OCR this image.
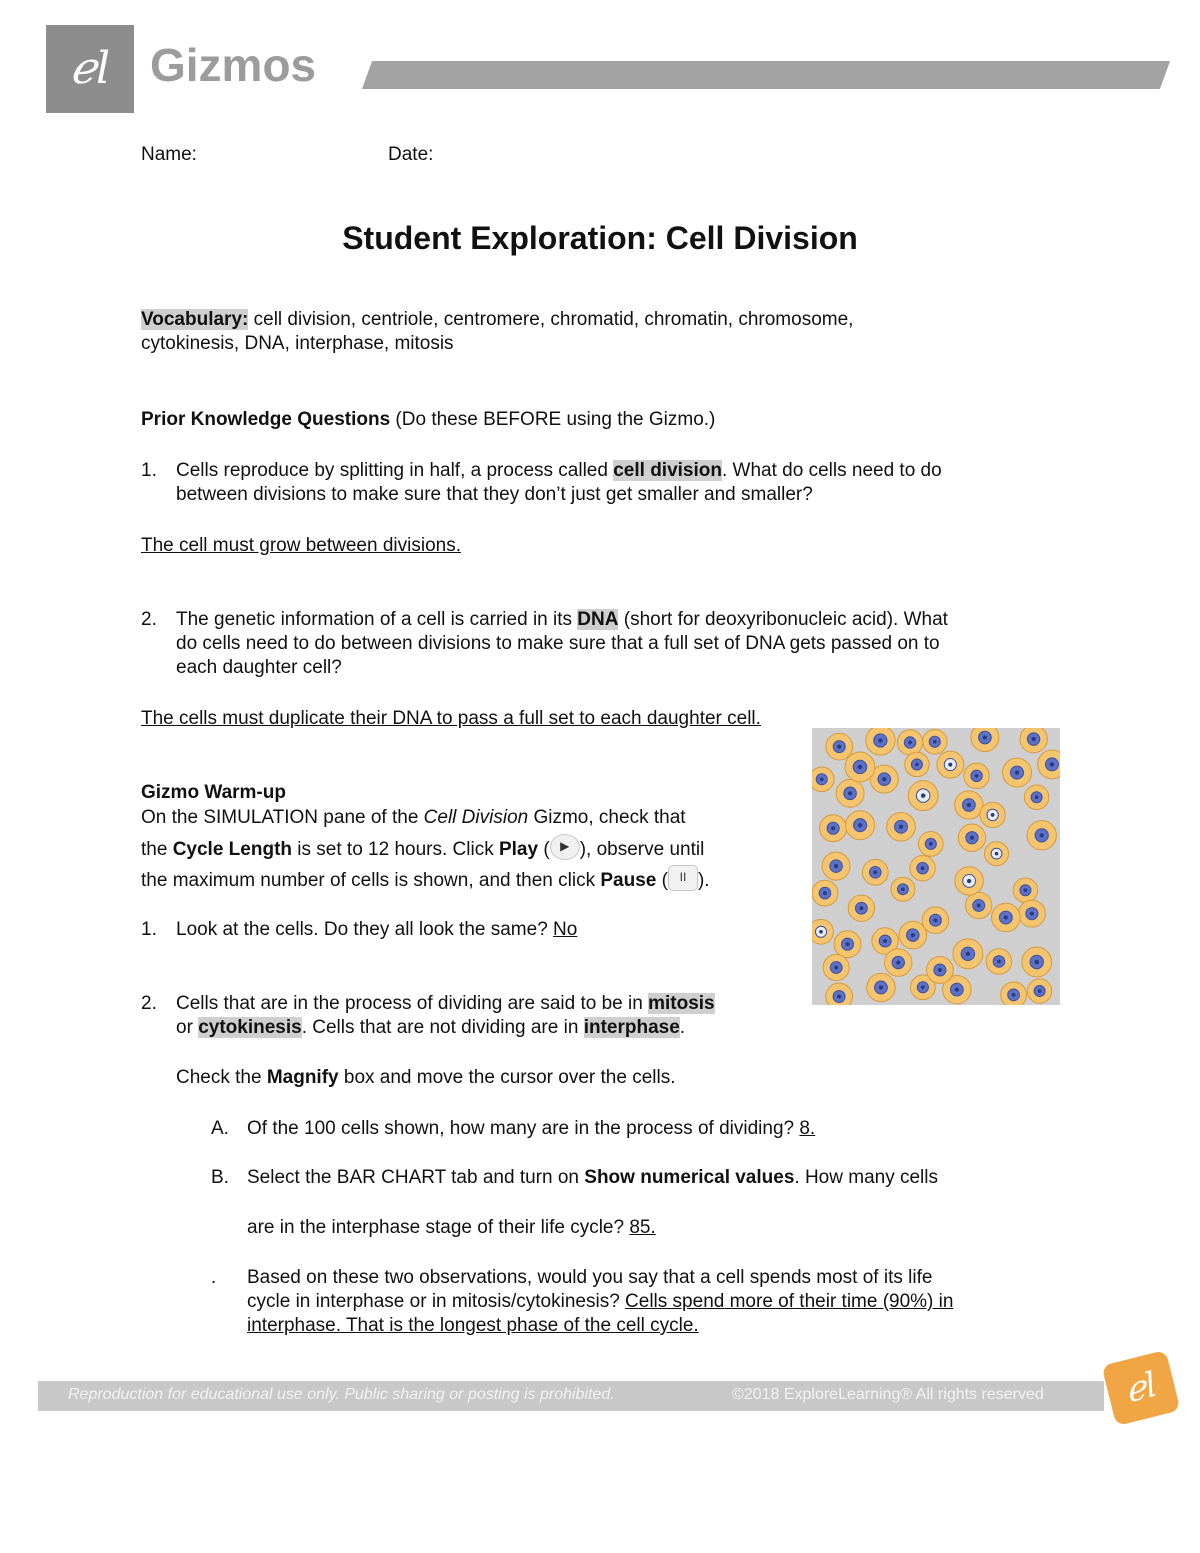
ℯl Gizmos
Name:	Date:
Student Exploration: Cell Division
Vocabulary: cell division, centriole, centromere, chromatid, chromatin, chromosome,
cytokinesis, DNA, interphase, mitosis
Prior Knowledge Questions (Do these BEFORE using the Gizmo.)
1. Cells reproduce by splitting in half, a process called cell division. What do cells need to do
between divisions to make sure that they don’t just get smaller and smaller?
The cell must grow between divisions.
2. The genetic information of a cell is carried in its DNA (short for deoxyribonucleic acid). What
do cells need to do between divisions to make sure that a full set of DNA gets passed on to
each daughter cell?
The cells must duplicate their DNA to pass a full set to each daughter cell.
Gizmo Warm-up
On the SIMULATION pane of the Cell Division Gizmo, check that
the Cycle Length is set to 12 hours. Click Play ( ▶ ), observe until
the maximum number of cells is shown, and then click Pause ( II ).
1. Look at the cells. Do they all look the same? No
2. Cells that are in the process of dividing are said to be in mitosis
or cytokinesis. Cells that are not dividing are in interphase.
Check the Magnify box and move the cursor over the cells.
A. Of the 100 cells shown, how many are in the process of dividing? 8.
B. Select the BAR CHART tab and turn on Show numerical values. How many cells
are in the interphase stage of their life cycle? 85.
. Based on these two observations, would you say that a cell spends most of its life
cycle in interphase or in mitosis/cytokinesis? Cells spend more of their time (90%) in
interphase. That is the longest phase of the cell cycle.
Reproduction for educational use only. Public sharing or posting is prohibited.	©2018 ExploreLearning® All rights reserved	ℯl
